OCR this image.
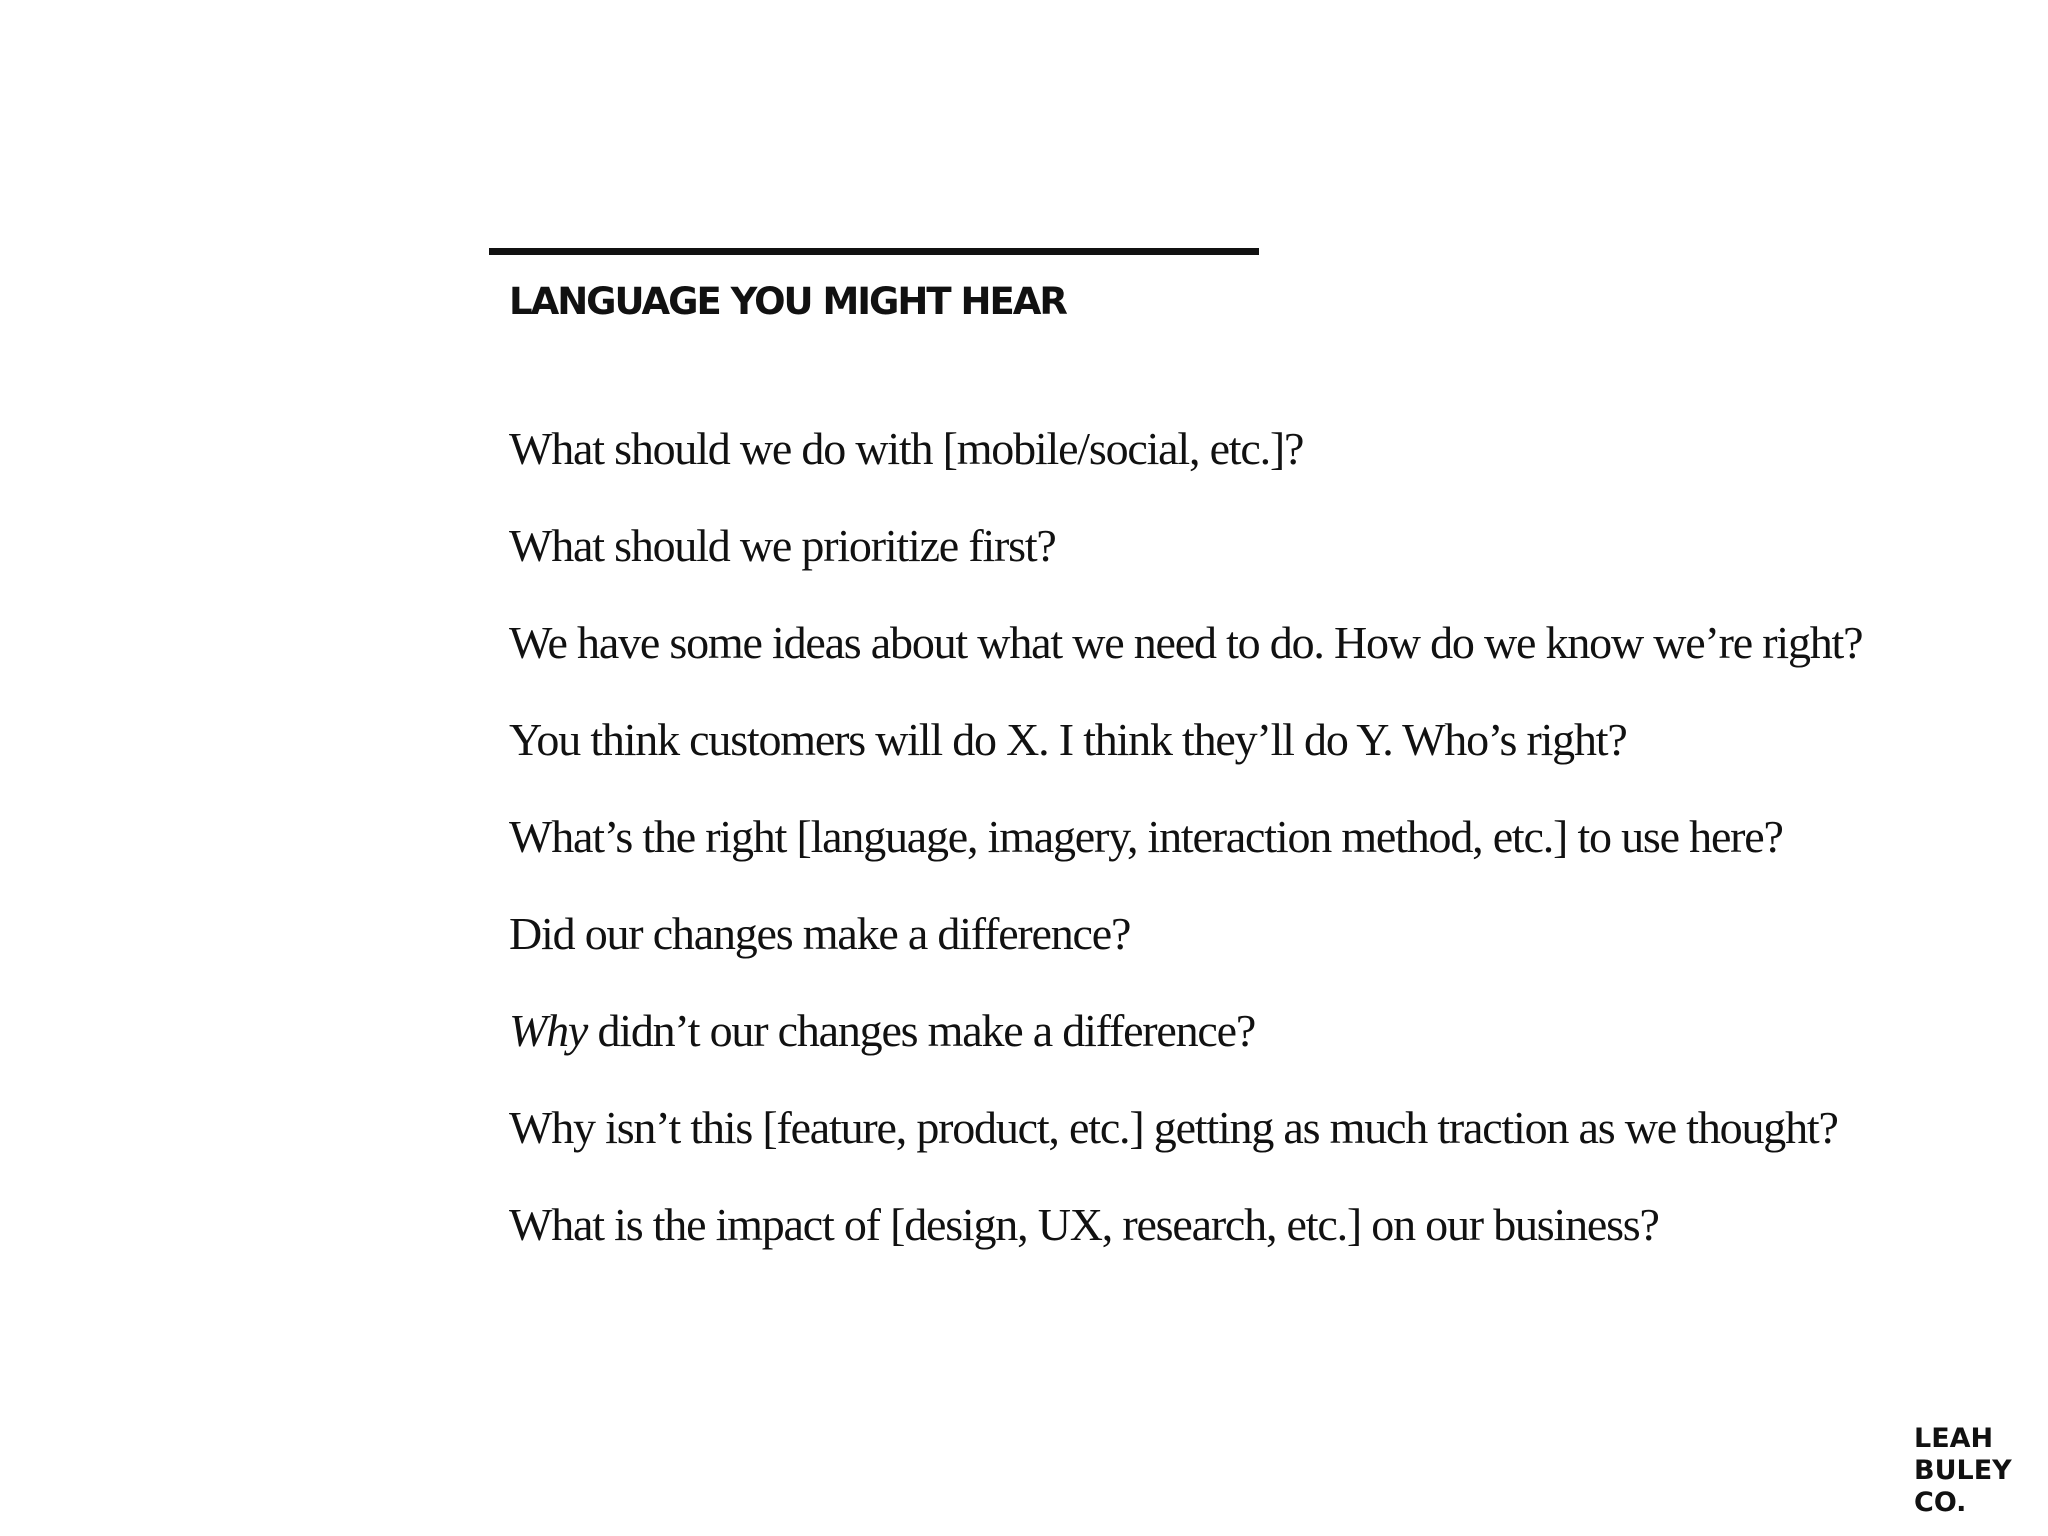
LANGUAGE YOU MIGHT HEAR
What should we do with [mobile/social, etc.]?
What should we prioritize first?
We have some ideas about what we need to do. How do we know we’re right?
You think customers will do X. I think they’ll do Y. Who’s right?
What’s the right [language, imagery, interaction method, etc.] to use here?
Did our changes make a difference?
Why didn’t our changes make a difference?
Why isn’t this [feature, product, etc.] getting as much traction as we thought?
What is the impact of [design, UX, research, etc.] on our business?
LEAH
BULEY
CO.
